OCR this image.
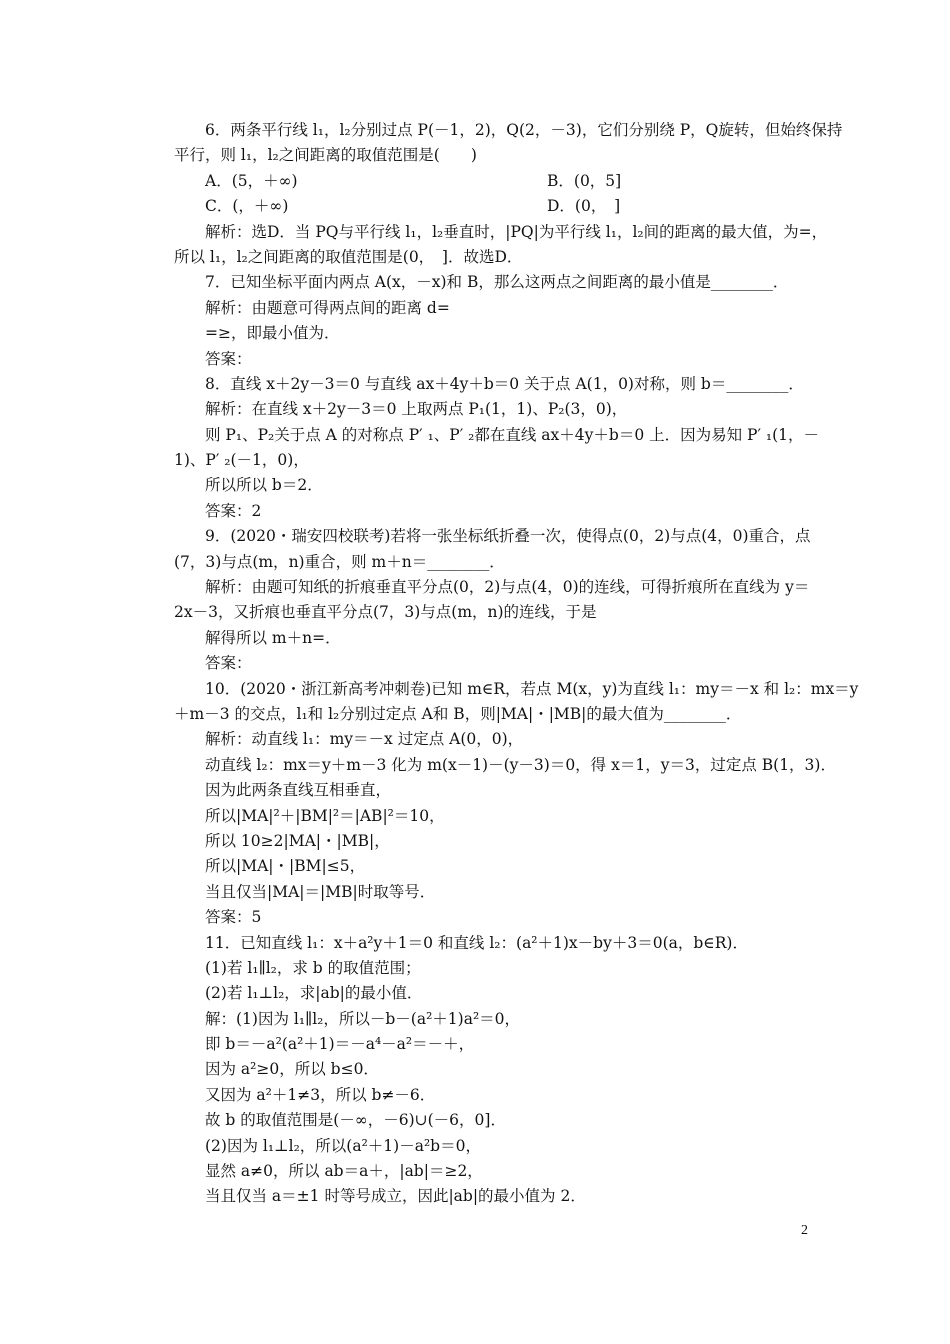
6．两条平行线 l₁，l₂分别过点 P(－1，2)，Q(2，－3)，它们分别绕 P，Q旋转，但始终保持
平行，则 l₁，l₂之间距离的取值范围是(　　)
A．(5，＋∞)	B．(0，5]
C．(，＋∞)	D．(0，　]
解析：选D．当 PQ与平行线 l₁，l₂垂直时，|PQ|为平行线 l₁，l₂间的距离的最大值，为=，
所以 l₁，l₂之间距离的取值范围是(0，　]．故选D．
7．已知坐标平面内两点 A(x，－x)和 B，那么这两点之间距离的最小值是________．
解析：由题意可得两点间的距离 d=
=≥，即最小值为．
答案：
8．直线 x＋2y－3＝0 与直线 ax＋4y＋b＝0 关于点 A(1，0)对称，则 b＝________．
解析：在直线 x＋2y－3＝0 上取两点 P₁(1，1)、P₂(3，0)，
则 P₁、P₂关于点 A 的对称点 P′ ₁、P′ ₂都在直线 ax＋4y＋b＝0 上．因为易知 P′ ₁(1，－
1)、P′ ₂(－1，0)，
所以所以 b＝2．
答案：2
9．(2020・瑞安四校联考)若将一张坐标纸折叠一次，使得点(0，2)与点(4，0)重合，点
(7，3)与点(m，n)重合，则 m＋n＝________．
解析：由题可知纸的折痕垂直平分点(0，2)与点(4，0)的连线，可得折痕所在直线为 y＝
2x－3，又折痕也垂直平分点(7，3)与点(m，n)的连线，于是
解得所以 m＋n=．
答案：
10．(2020・浙江新高考冲刺卷)已知 m∈R，若点 M(x，y)为直线 l₁：my＝－x 和 l₂：mx＝y
＋m－3 的交点，l₁和 l₂分别过定点 A和 B，则|MA|・|MB|的最大值为________．
解析：动直线 l₁：my＝－x 过定点 A(0，0)，
动直线 l₂：mx＝y＋m－3 化为 m(x－1)－(y－3)＝0，得 x＝1，y＝3，过定点 B(1，3)．
因为此两条直线互相垂直，
所以|MA|²＋|BM|²＝|AB|²＝10，
所以 10≥2|MA|・|MB|，
所以|MA|・|BM|≤5，
当且仅当|MA|＝|MB|时取等号．
答案：5
11．已知直线 l₁：x＋a²y＋1＝0 和直线 l₂：(a²＋1)x－by＋3＝0(a，b∈R)．
(1)若 l₁∥l₂，求 b 的取值范围；
(2)若 l₁⊥l₂，求|ab|的最小值．
解：(1)因为 l₁∥l₂，所以－b－(a²＋1)a²＝0，
即 b＝－a²(a²＋1)＝－a⁴－a²＝－＋，
因为 a²≥0，所以 b≤0．
又因为 a²＋1≠3，所以 b≠－6．
故 b 的取值范围是(－∞，－6)∪(－6，0]．
(2)因为 l₁⊥l₂，所以(a²＋1)－a²b＝0，
显然 a≠0，所以 ab＝a＋，|ab|＝≥2，
当且仅当 a＝±1 时等号成立，因此|ab|的最小值为 2．
2
